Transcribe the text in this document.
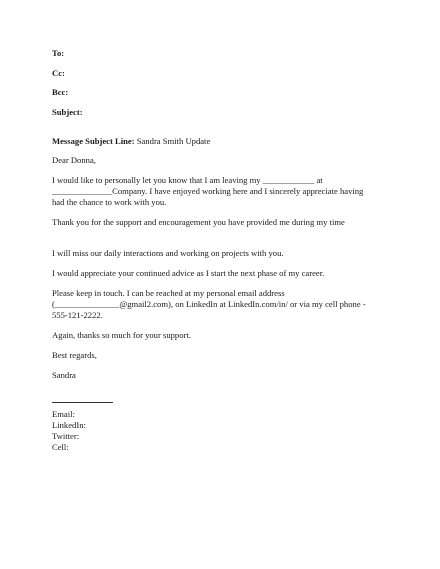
To:
Cc:
Bcc:
Subject:
Message Subject Line: Sandra Smith Update

Dear Donna,

I would like to personally let you know that I am leaving my ____________ at
______________Company. I have enjoyed working here and I sincerely appreciate having
had the chance to work with you.

Thank you for the support and encouragement you have provided me during my time

I will miss our daily interactions and working on projects with you.

I would appreciate your continued advice as I start the next phase of my career.

Please keep in touch. I can be reached at my personal email address
(_______________@gmail2.com), on LinkedIn at LinkedIn.com/in/ or via my cell phone -
555-121-2222.

Again, thanks so much for your support.

Best regards,

Sandra

Email:
LinkedIn:
Twitter:
Cell:
